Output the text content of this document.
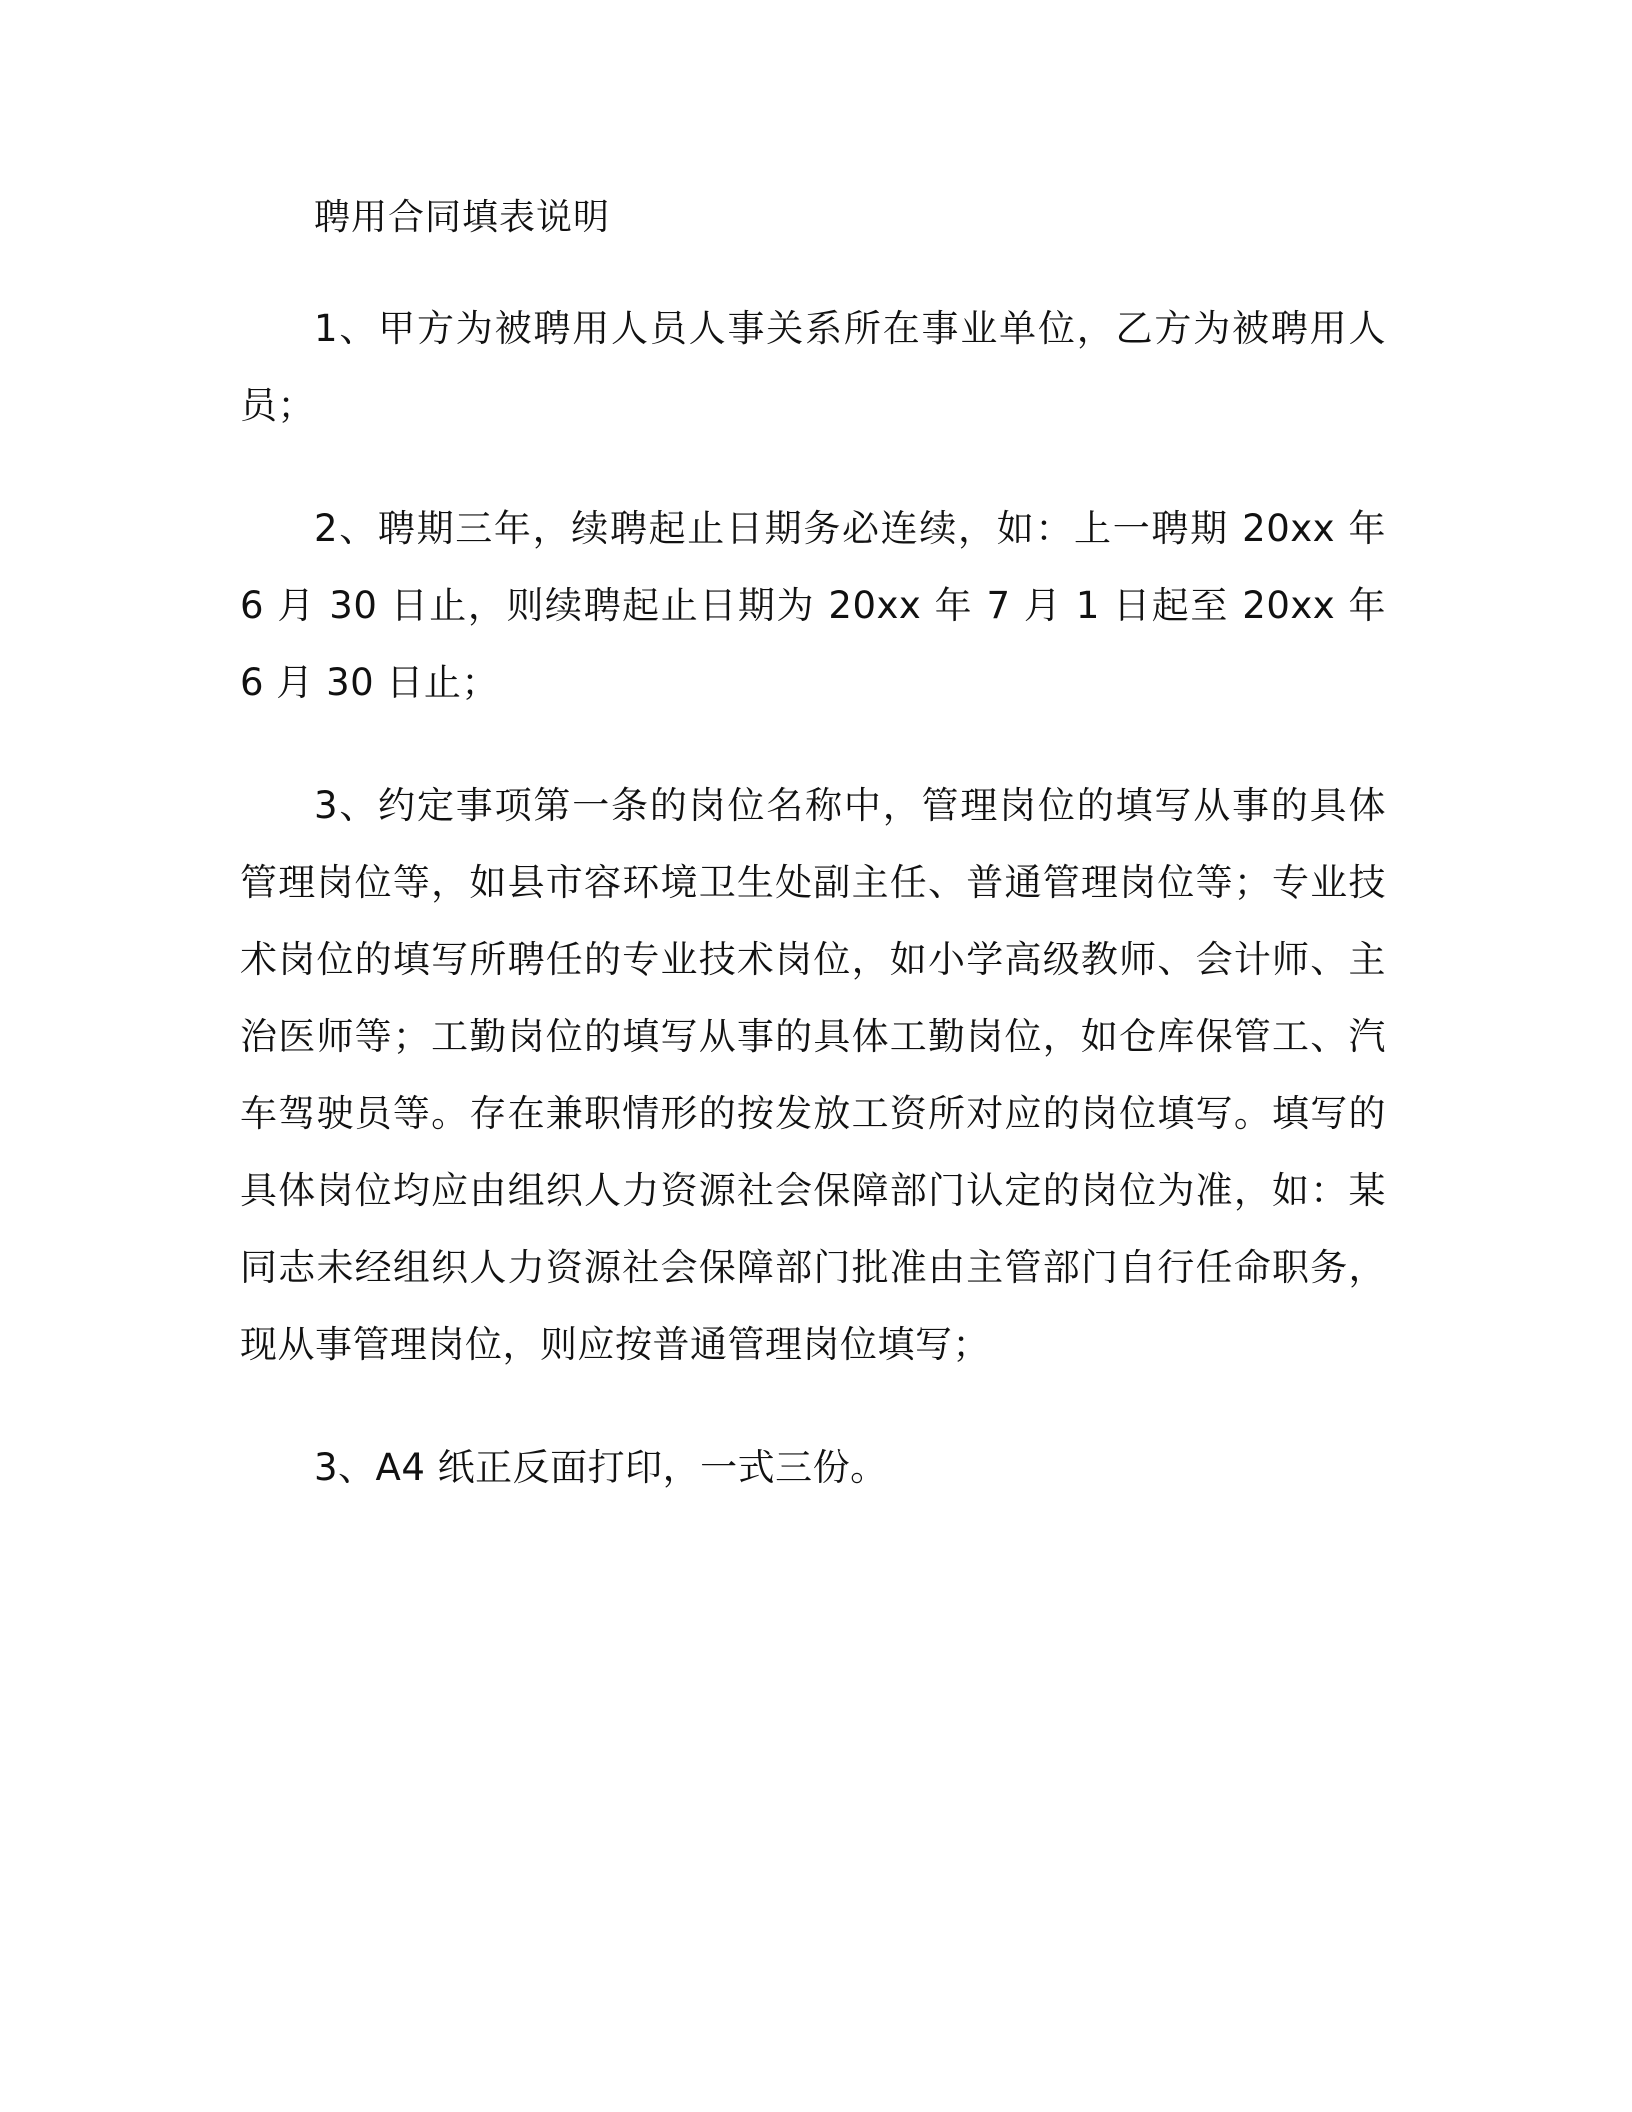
聘用合同填表说明

1、甲方为被聘用人员人事关系所在事业单位，乙方为被聘用人员；

2、聘期三年，续聘起止日期务必连续，如：上一聘期 20xx 年 6 月 30 日止，则续聘起止日期为 20xx 年 7 月 1 日起至 20xx 年 6 月 30 日止；

3、约定事项第一条的岗位名称中，管理岗位的填写从事的具体管理岗位等，如县市容环境卫生处副主任、普通管理岗位等；专业技术岗位的填写所聘任的专业技术岗位，如小学高级教师、会计师、主治医师等；工勤岗位的填写从事的具体工勤岗位，如仓库保管工、汽车驾驶员等。存在兼职情形的按发放工资所对应的岗位填写。填写的具体岗位均应由组织人力资源社会保障部门认定的岗位为准，如：某同志未经组织人力资源社会保障部门批准由主管部门自行任命职务，现从事管理岗位，则应按普通管理岗位填写；

3、A4 纸正反面打印，一式三份。
